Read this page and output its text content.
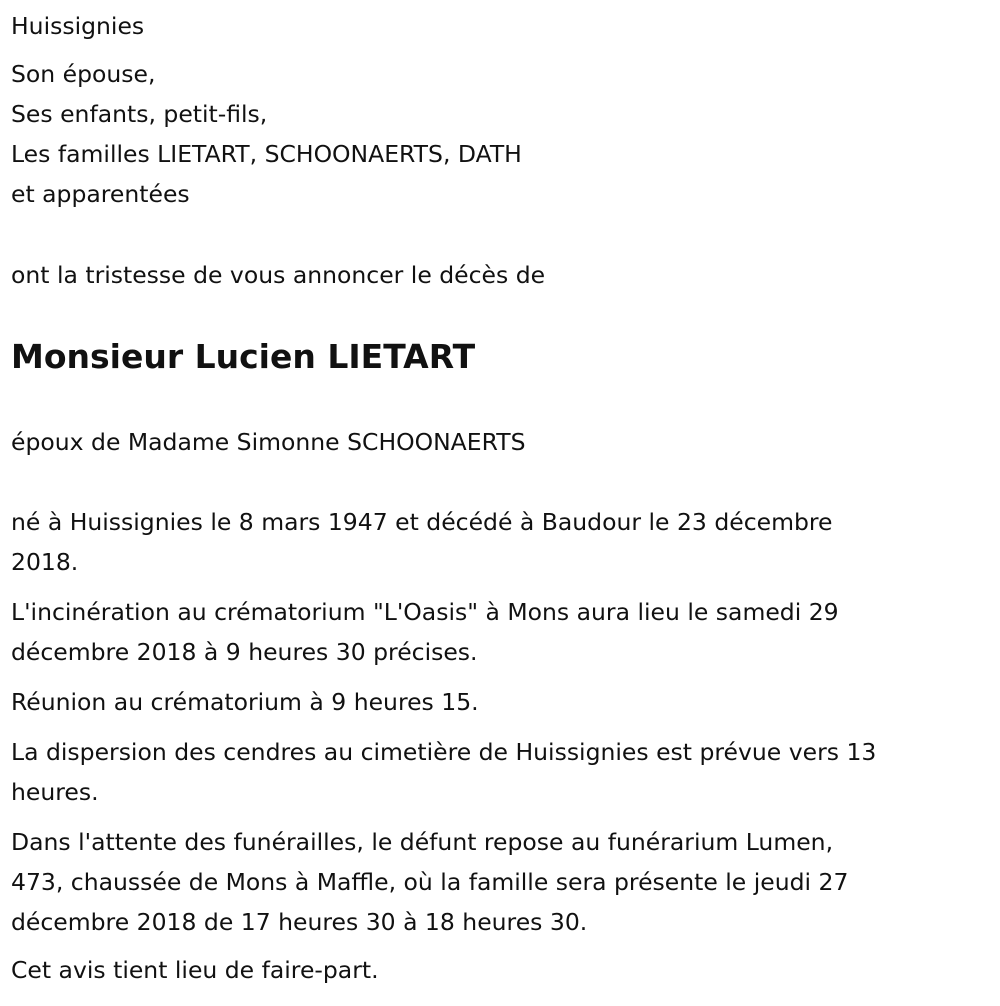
Huissignies
Son épouse,
Ses enfants, petit-fils,
Les familles LIETART, SCHOONAERTS, DATH
et apparentées
ont la tristesse de vous annoncer le décès de
Monsieur Lucien LIETART
époux de Madame Simonne SCHOONAERTS
né à Huissignies le 8 mars 1947 et décédé à Baudour le 23 décembre
2018.
L'incinération au crématorium "L'Oasis" à Mons aura lieu le samedi 29
décembre 2018 à 9 heures 30 précises.
Réunion au crématorium à 9 heures 15.
La dispersion des cendres au cimetière de Huissignies est prévue vers 13
heures.
Dans l'attente des funérailles, le défunt repose au funérarium Lumen,
473, chaussée de Mons à Maffle, où la famille sera présente le jeudi 27
décembre 2018 de 17 heures 30 à 18 heures 30.
Cet avis tient lieu de faire-part.
